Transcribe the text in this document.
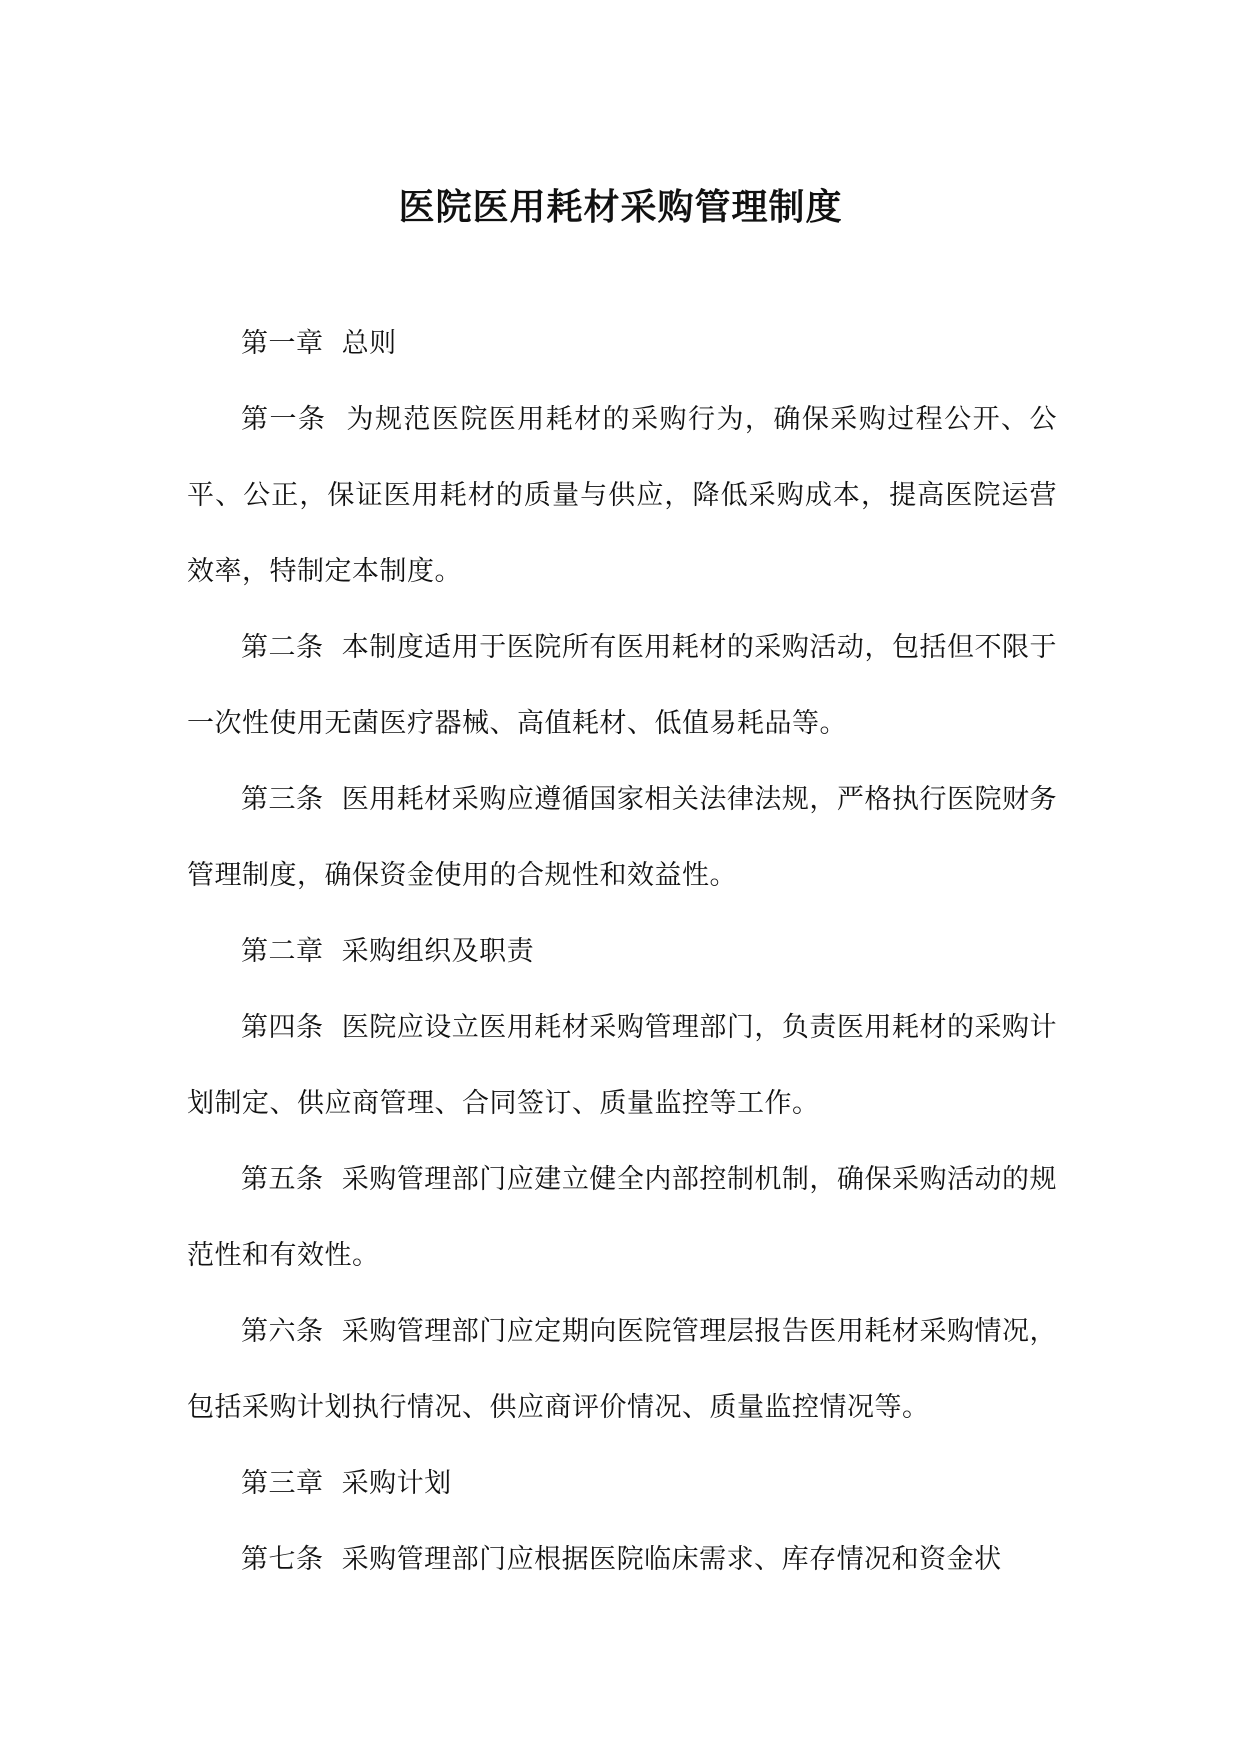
医院医用耗材采购管理制度

第一章 总则

第一条 为规范医院医用耗材的采购行为，确保采购过程公开、公平、公正，保证医用耗材的质量与供应，降低采购成本，提高医院运营效率，特制定本制度。

第二条 本制度适用于医院所有医用耗材的采购活动，包括但不限于一次性使用无菌医疗器械、高值耗材、低值易耗品等。

第三条 医用耗材采购应遵循国家相关法律法规，严格执行医院财务管理制度，确保资金使用的合规性和效益性。

第二章 采购组织及职责

第四条 医院应设立医用耗材采购管理部门，负责医用耗材的采购计划制定、供应商管理、合同签订、质量监控等工作。

第五条 采购管理部门应建立健全内部控制机制，确保采购活动的规范性和有效性。

第六条 采购管理部门应定期向医院管理层报告医用耗材采购情况，包括采购计划执行情况、供应商评价情况、质量监控情况等。

第三章 采购计划

第七条 采购管理部门应根据医院临床需求、库存情况和资金状
